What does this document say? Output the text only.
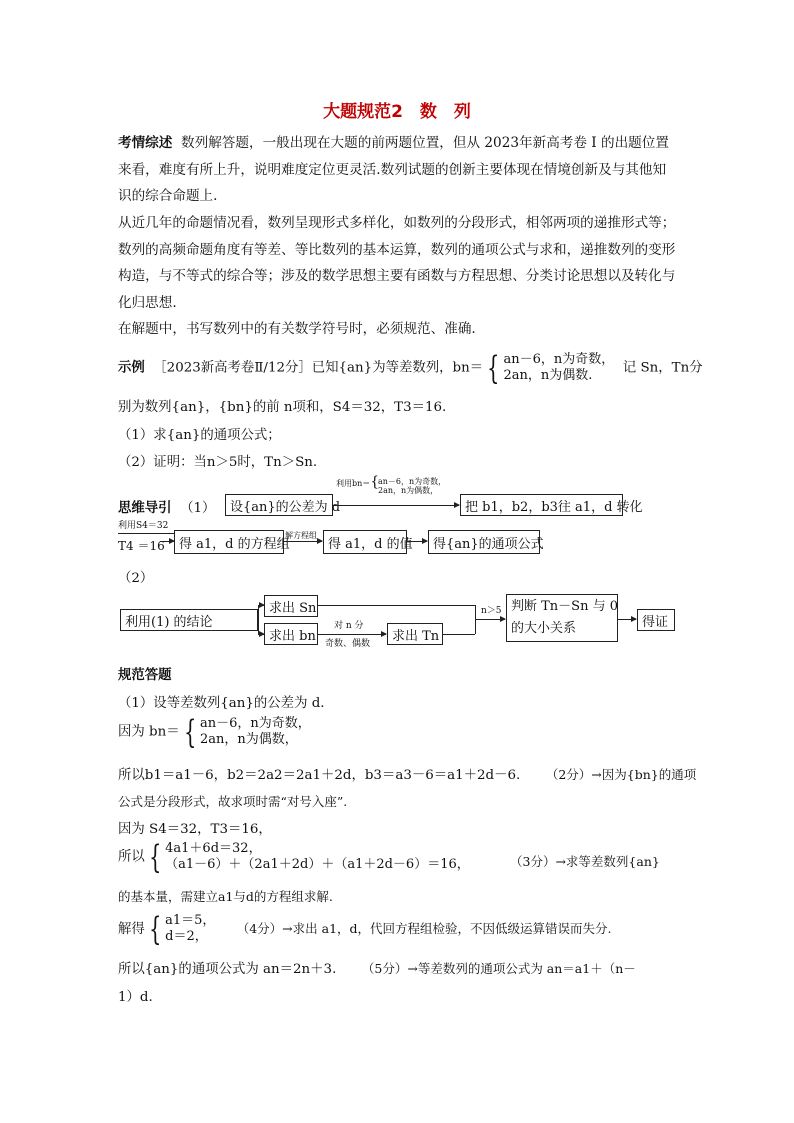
大题规范2　数　列
考情综述 数列解答题，一般出现在大题的前两题位置，但从 2023年新高考卷 I 的出题位置来看，难度有所上升，说明难度定位更灵活.数列试题的创新主要体现在情境创新及与其他知识的综合命题上.
从近几年的命题情况看，数列呈现形式多样化，如数列的分段形式，相邻两项的递推形式等；数列的高频命题角度有等差、等比数列的基本运算，数列的通项公式与求和，递推数列的变形构造，与不等式的综合等；涉及的数学思想主要有函数与方程思想、分类讨论思想以及转化与化归思想.
在解题中，书写数列中的有关数学符号时，必须规范、准确.
示例 ［2023新高考卷Ⅱ/12分］已知{an}为等差数列，bn＝ { an－6，n为奇数，
2an，n为偶数. 记 Sn，Tn分
别为数列{an}，{bn}的前 n项和，S4＝32，T3＝16.
（1）求{an}的通项公式；
（2）证明：当n＞5时，Tn＞Sn.
思维导引 （1）	设{an}的公差为 d
利用bn＝{
an－6，n为奇数，
2an，n为偶数，
把 b1，b2，b3往 a1，d 转化
利用S4＝32
T4 ＝16	得 a1，d 的方程组
解方程组
得 a1，d 的值	得{an}的通项公式
（2）
利用(1) 的结论
求出 Sn
求出 bn
对 n 分
奇数、偶数
求出 Tn
n＞5 判断 Tn－Sn 与 0
的大小关系	得证
规范答题
（1）设等差数列{an}的公差为 d.
因为 bn＝ { an－6，n为奇数，
2an，n为偶数，
所以b1＝a1－6，b2＝2a2＝2a1＋2d，b3＝a3－6＝a1＋2d－6. （2分）→因为{bn}的通项
公式是分段形式，故求项时需“对号入座”.
因为 S4＝32，T3＝16，
所以 { 4a1＋6d＝32，
（a1－6）＋（2a1＋2d）＋（a1＋2d－6）＝16，	（3分）→求等差数列{an}
的基本量，需建立a1与d的方程组求解.
解得 { a1＝5，
d＝2，     （4分）→求出 a1，d，代回方程组检验，不因低级运算错误而失分.
所以{an}的通项公式为 an＝2n＋3. （5分）→等差数列的通项公式为 an＝a1＋（n－
1）d.
